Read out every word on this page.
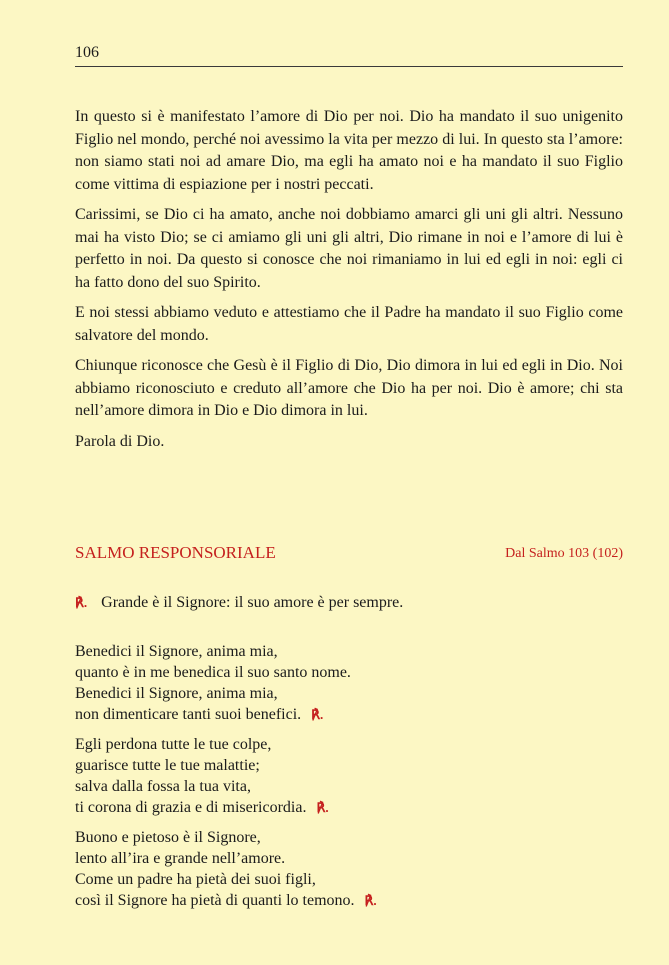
106

In questo si è manifestato l’amore di Dio per noi. Dio ha mandato il suo unigenito Figlio nel mondo, perché noi avessimo la vita per mezzo di lui. In questo sta l’amore: non siamo stati noi ad amare Dio, ma egli ha amato noi e ha mandato il suo Figlio come vittima di espiazione per i nostri peccati.

Carissimi, se Dio ci ha amato, anche noi dobbiamo amarci gli uni gli altri. Nessuno mai ha visto Dio; se ci amiamo gli uni gli altri, Dio rimane in noi e l’amore di lui è perfetto in noi. Da questo si conosce che noi rimaniamo in lui ed egli in noi: egli ci ha fatto dono del suo Spirito.

E noi stessi abbiamo veduto e attestiamo che il Padre ha mandato il suo Figlio come salvatore del mondo.

Chiunque riconosce che Gesù è il Figlio di Dio, Dio dimora in lui ed egli in Dio. Noi abbiamo riconosciuto e creduto all’amore che Dio ha per noi. Dio è amore; chi sta nell’amore dimora in Dio e Dio dimora in lui.

Parola di Dio.

SALMO RESPONSORIALE	Dal Salmo 103 (102)
℟. Grande è il Signore: il suo amore è per sempre.
Benedici il Signore, anima mia,
quanto è in me benedica il suo santo nome.
Benedici il Signore, anima mia,
non dimenticare tanti suoi benefici. ℟.
Egli perdona tutte le tue colpe,
guarisce tutte le tue malattie;
salva dalla fossa la tua vita,
ti corona di grazia e di misericordia. ℟.
Buono e pietoso è il Signore,
lento all’ira e grande nell’amore.
Come un padre ha pietà dei suoi figli,
così il Signore ha pietà di quanti lo temono. ℟.
